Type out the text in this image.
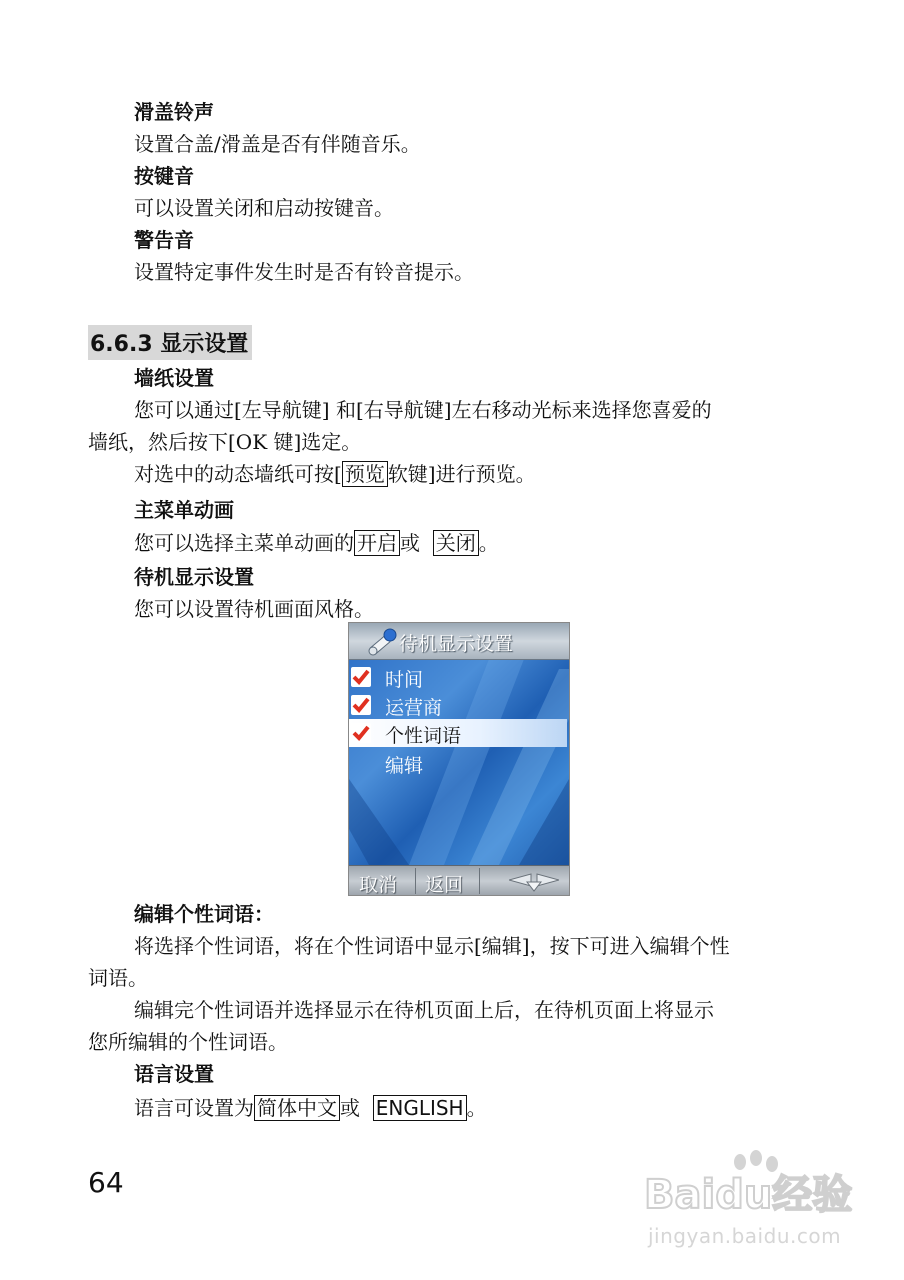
滑盖铃声
设置合盖/滑盖是否有伴随音乐。
按键音
可以设置关闭和启动按键音。
警告音
设置特定事件发生时是否有铃音提示。
6.6.3 显示设置
墙纸设置
您可以通过[左导航键] 和[右导航键]左右移动光标来选择您喜爱的
墙纸，然后按下[OK 键]选定。
对选中的动态墙纸可按[ 预览 软键]进行预览。
主菜单动画
您可以选择主菜单动画的 开启 或  关闭 。
待机显示设置
您可以设置待机画面风格。
待机显示设置
时间
运营商
个性词语
编辑
取消 返回
编辑个性词语：
将选择个性词语，将在个性词语中显示[编辑]，按下可进入编辑个性
词语。
编辑完个性词语并选择显示在待机页面上后，在待机页面上将显示
您所编辑的个性词语。
语言设置
语言可设置为 简体中文 或  ENGLISH 。
64	Baidu经验
jingyan.baidu.com
